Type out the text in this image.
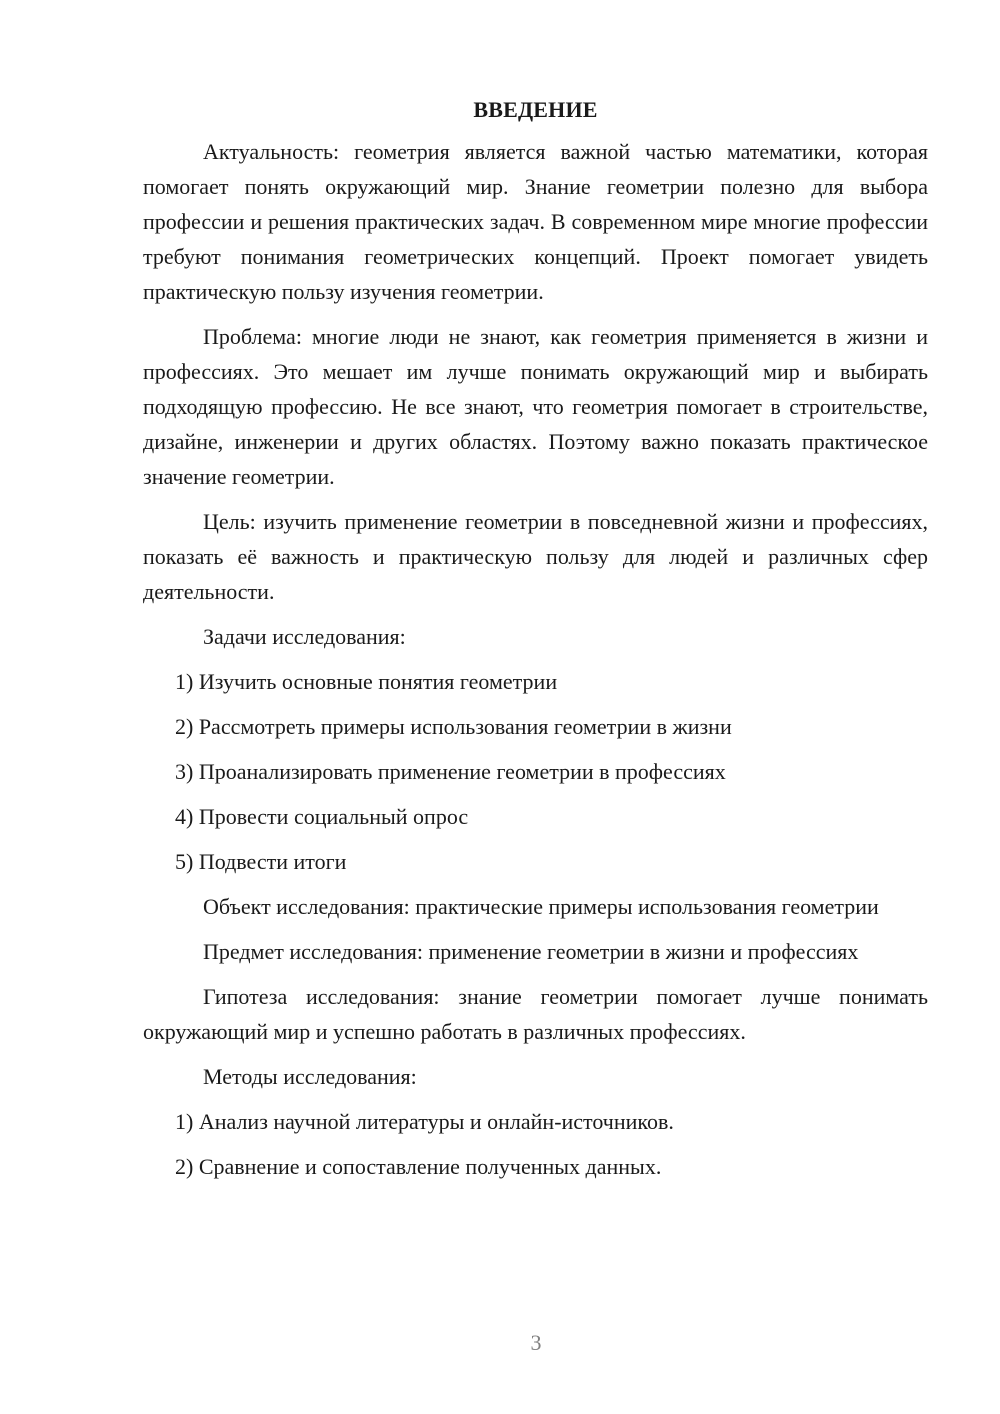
ВВЕДЕНИЕ

Актуальность: геометрия является важной частью математики, которая помогает понять окружающий мир. Знание геометрии полезно для выбора профессии и решения практических задач. В современном мире многие профессии требуют понимания геометрических концепций. Проект помогает увидеть практическую пользу изучения геометрии.

Проблема: многие люди не знают, как геометрия применяется в жизни и профессиях. Это мешает им лучше понимать окружающий мир и выбирать подходящую профессию. Не все знают, что геометрия помогает в строительстве, дизайне, инженерии и других областях. Поэтому важно показать практическое значение геометрии.

Цель: изучить применение геометрии в повседневной жизни и профессиях, показать её важность и практическую пользу для людей и различных сфер деятельности.

Задачи исследования:

1) Изучить основные понятия геометрии
2) Рассмотреть примеры использования геометрии в жизни
3) Проанализировать применение геометрии в профессиях
4) Провести социальный опрос
5) Подвести итоги

Объект исследования: практические примеры использования геометрии

Предмет исследования: применение геометрии в жизни и профессиях

Гипотеза исследования: знание геометрии помогает лучше понимать окружающий мир и успешно работать в различных профессиях.

Методы исследования:

1) Анализ научной литературы и онлайн-источников.
2) Сравнение и сопоставление полученных данных.
3
